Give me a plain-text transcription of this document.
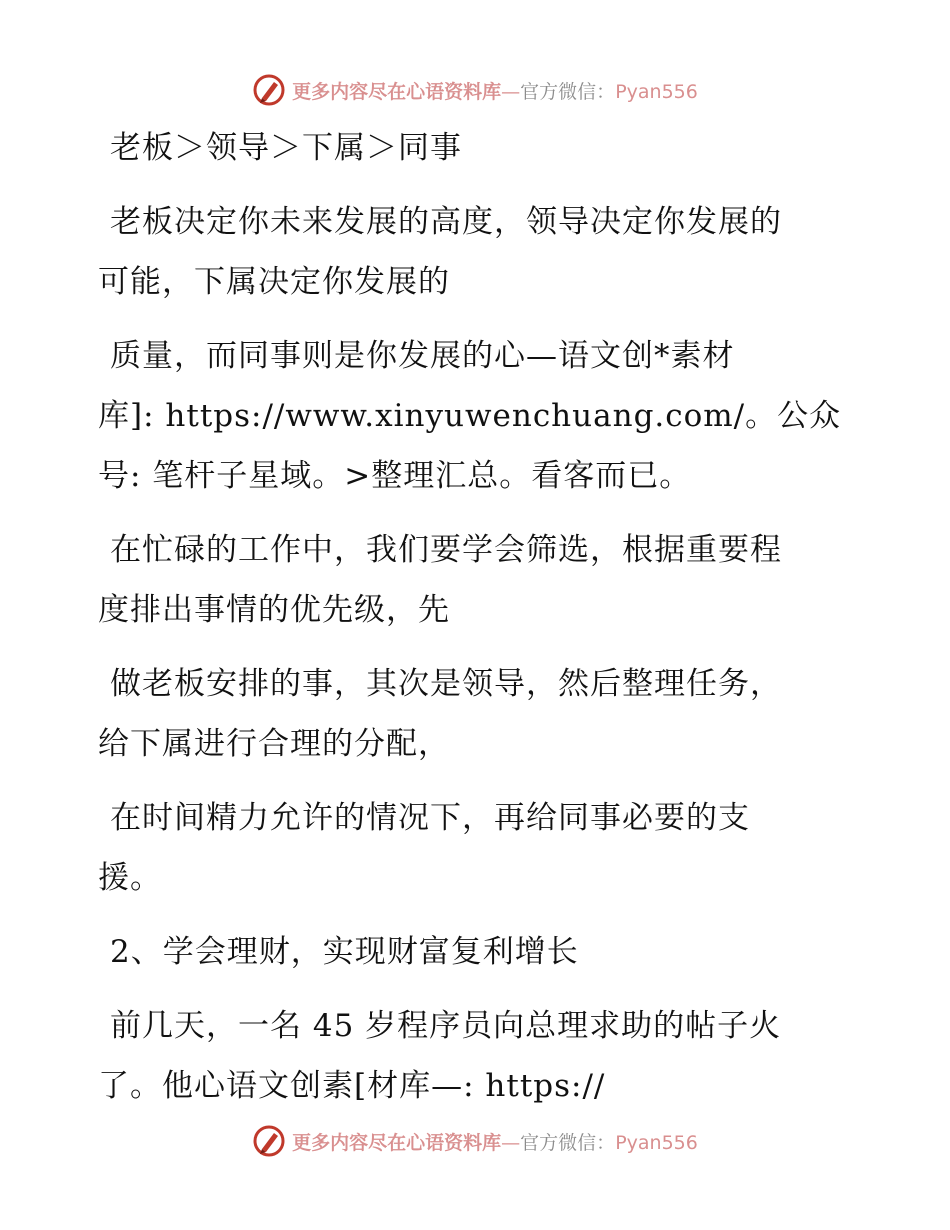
更多内容尽在心语资料库—官方微信：Pyan556

老板＞领导＞下属＞同事

老板决定你未来发展的高度，领导决定你发展的
可能，下属决定你发展的

质量，而同事则是你发展的心—语文创*素材
库]: https://www.xinyuwenchuang.com/。公众
号: 笔杆子星域。>整理汇总。看客而已。

在忙碌的工作中，我们要学会筛选，根据重要程
度排出事情的优先级，先

做老板安排的事，其次是领导，然后整理任务，
给下属进行合理的分配，

在时间精力允许的情况下，再给同事必要的支
援。

2、学会理财，实现财富复利增长

前几天，一名 45 岁程序员向总理求助的帖子火
了。他心语文创素[材库—: https://

更多内容尽在心语资料库—官方微信：Pyan556
